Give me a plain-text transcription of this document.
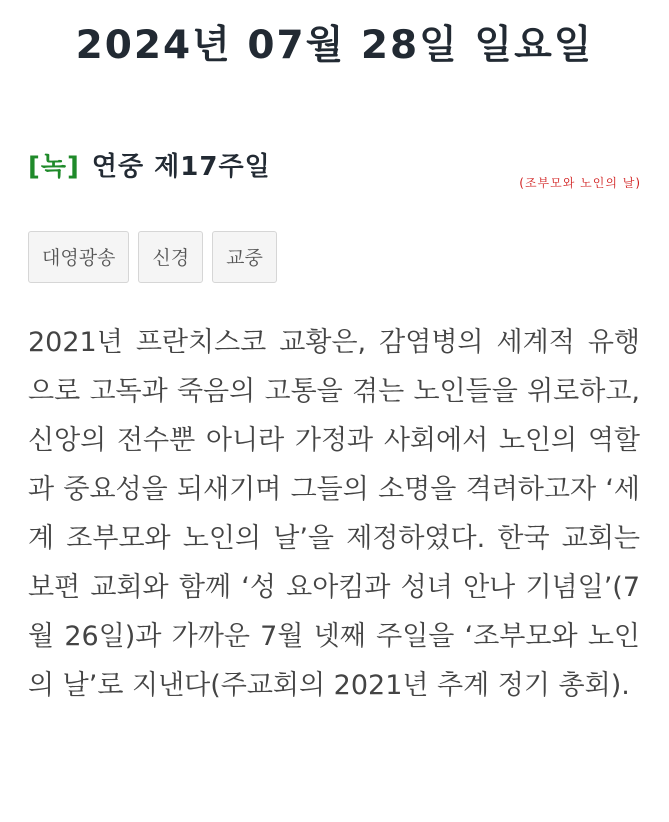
2024년 07월 28일 일요일
[녹] 연중 제17주일
(조부모와 노인의 날)
대영광송	신경	교중

2021년 프란치스코 교황은, 감염병의 세계적 유행으로 고독과 죽음의 고통을 겪는 노인들을 위로하고, 신앙의 전수뿐 아니라 가정과 사회에서 노인의 역할과 중요성을 되새기며 그들의 소명을 격려하고자 ‘세계 조부모와 노인의 날’을 제정하였다. 한국 교회는 보편 교회와 함께 ‘성 요아킴과 성녀 안나 기념일’(7월 26일)과 가까운 7월 넷째 주일을 ‘조부모와 노인의 날’로 지낸다(주교회의 2021년 추계 정기 총회).
